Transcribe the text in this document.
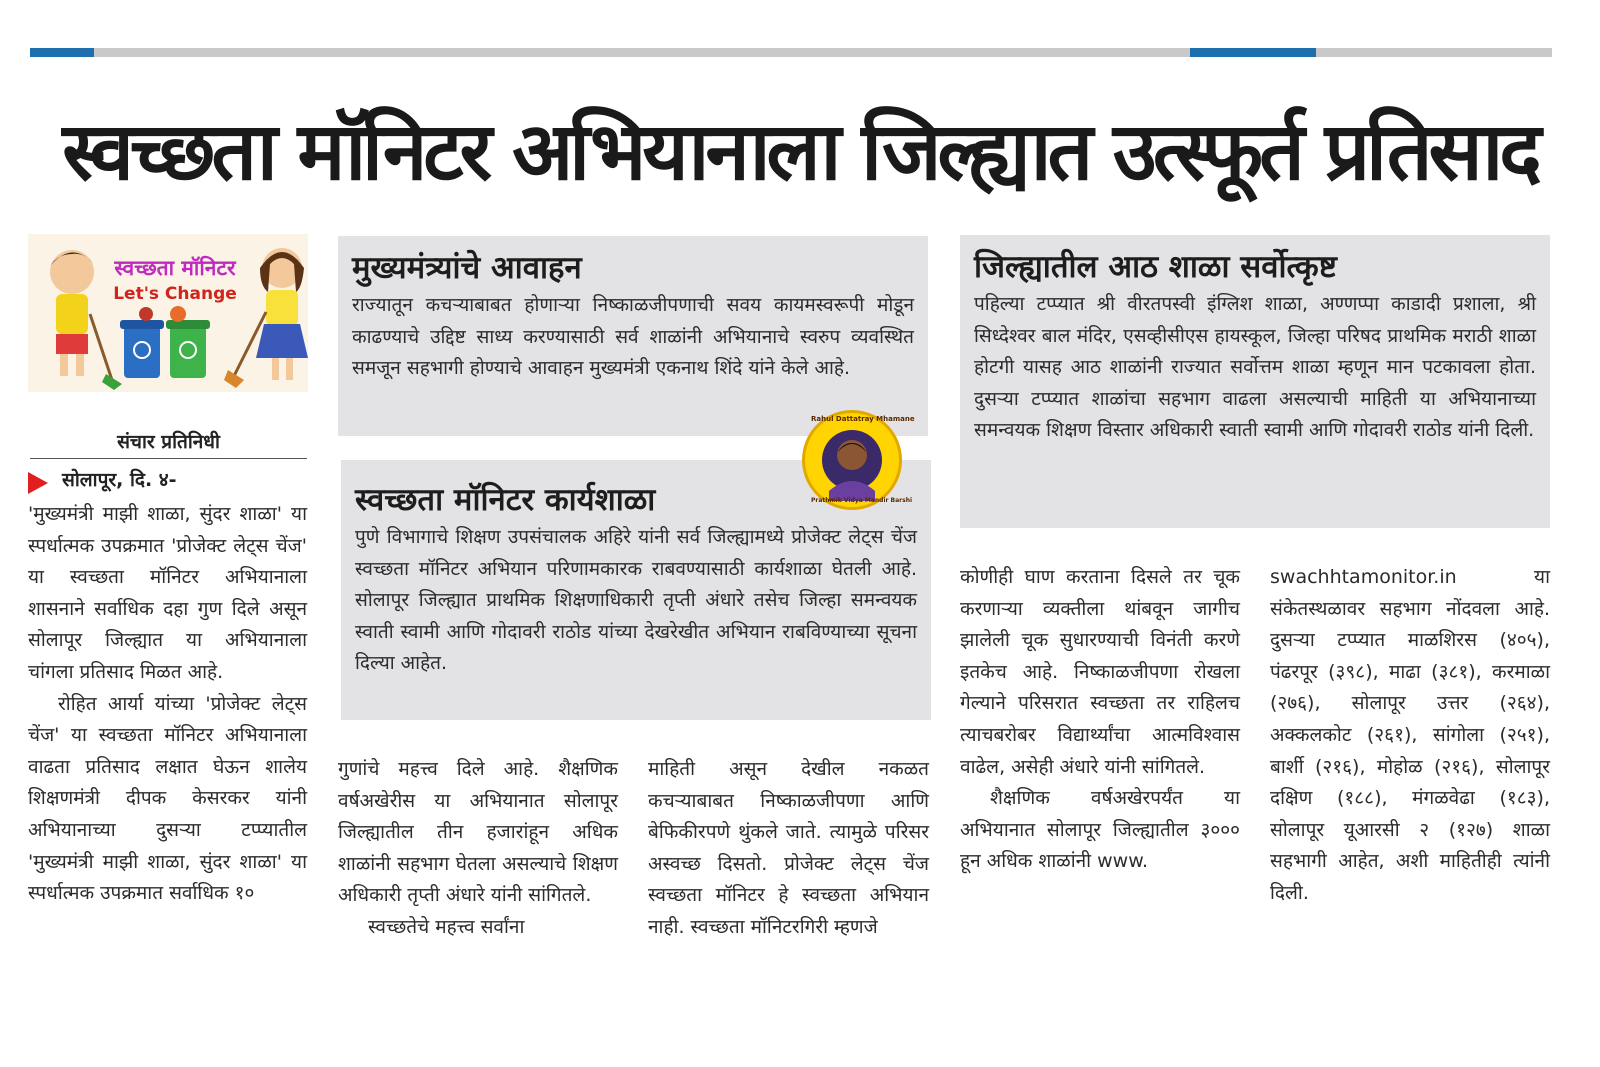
स्वच्छता मॉनिटर अभियानाला जिल्ह्यात उत्स्फूर्त प्रतिसाद
स्वच्छता मॉनिटर
Let's Change

संचार प्रतिनिधी

सोलापूर, दि. ४-

'मुख्यमंत्री माझी शाळा, सुंदर शाळा' या स्पर्धात्मक उपक्रमात 'प्रोजेक्ट लेट्स चेंज' या स्वच्छता मॉनिटर अभियानाला शासनाने सर्वाधिक दहा गुण दिले असून सोलापूर जिल्ह्यात या अभियानाला चांगला प्रतिसाद मिळत आहे.

रोहित आर्या यांच्या 'प्रोजेक्ट लेट्स चेंज' या स्वच्छता मॉनिटर अभियानाला वाढता प्रतिसाद लक्षात घेऊन शालेय शिक्षणमंत्री दीपक केसरकर यांनी अभियानाच्या दुसऱ्या टप्प्यातील 'मुख्यमंत्री माझी शाळा, सुंदर शाळा' या स्पर्धात्मक उपक्रमात सर्वाधिक १०

मुख्यमंत्र्यांचे आवाहन

राज्यातून कचऱ्याबाबत होणाऱ्या निष्काळजीपणाची सवय कायमस्वरूपी मोडून काढण्याचे उद्दिष्ट साध्य करण्यासाठी सर्व शाळांनी अभियानाचे स्वरुप व्यवस्थित समजून सहभागी होण्याचे आवाहन मुख्यमंत्री एकनाथ शिंदे यांने केले आहे.

स्वच्छता मॉनिटर कार्यशाळा

पुणे विभागाचे शिक्षण उपसंचालक अहिरे यांनी सर्व जिल्ह्यामध्ये प्रोजेक्ट लेट्स चेंज स्वच्छता मॉनिटर अभियान परिणामकारक राबवण्यासाठी कार्यशाळा घेतली आहे. सोलापूर जिल्ह्यात प्राथमिक शिक्षणाधिकारी तृप्ती अंधारे तसेच जिल्हा समन्वयक स्वाती स्वामी आणि गोदावरी राठोड यांच्या देखरेखीत अभियान राबविण्याच्या सूचना दिल्या आहेत.

Rahul Dattatray Mhamane
Prathmik Vidya Mandir Barshi
जिल्ह्यातील आठ शाळा सर्वोत्कृष्ट

पहिल्या टप्प्यात श्री वीरतपस्वी इंग्लिश शाळा, अण्णप्पा काडादी प्रशाला, श्री सिध्देश्वर बाल मंदिर, एसव्हीसीएस हायस्कूल, जिल्हा परिषद प्राथमिक मराठी शाळा होटगी यासह आठ शाळांनी राज्यात सर्वोत्तम शाळा म्हणून मान पटकावला होता. दुसऱ्या टप्प्यात शाळांचा सहभाग वाढला असल्याची माहिती या अभियानाच्या समन्वयक शिक्षण विस्तार अधिकारी स्वाती स्वामी आणि गोदावरी राठोड यांनी दिली.

गुणांचे महत्त्व दिले आहे. शैक्षणिक वर्षअखेरीस या अभियानात सोलापूर जिल्ह्यातील तीन हजारांहून अधिक शाळांनी सहभाग घेतला असल्याचे शिक्षण अधिकारी तृप्ती अंधारे यांनी सांगितले.

स्वच्छतेचे महत्त्व सर्वांना

माहिती असून देखील नकळत कचऱ्याबाबत निष्काळजीपणा आणि बेफिकीरपणे थुंकले जाते. त्यामुळे परिसर अस्वच्छ दिसतो. प्रोजेक्ट लेट्स चेंज स्वच्छता मॉनिटर हे स्वच्छता अभियान नाही. स्वच्छता मॉनिटरगिरी म्हणजे

कोणीही घाण करताना दिसले तर चूक करणाऱ्या व्यक्तीला थांबवून जागीच झालेली चूक सुधारण्याची विनंती करणे इतकेच आहे. निष्काळजीपणा रोखला गेल्याने परिसरात स्वच्छता तर राहिलच त्याचबरोबर विद्यार्थ्यांचा आत्मविश्वास वाढेल, असेही अंधारे यांनी सांगितले.

शैक्षणिक वर्षअखेरपर्यंत या अभियानात सोलापूर जिल्ह्यातील ३००० हून अधिक शाळांनी www.

swachhtamonitor.in या संकेतस्थळावर सहभाग नोंदवला आहे. दुसऱ्या टप्प्यात माळशिरस (४०५), पंढरपूर (३९८), माढा (३८१), करमाळा (२७६), सोलापूर उत्तर (२६४), अक्कलकोट (२६१), सांगोला (२५१), बार्शी (२१६), मोहोळ (२१६), सोलापूर दक्षिण (१८८), मंगळवेढा (१८३), सोलापूर यूआरसी २ (१२७) शाळा सहभागी आहेत, अशी माहितीही त्यांनी दिली.
